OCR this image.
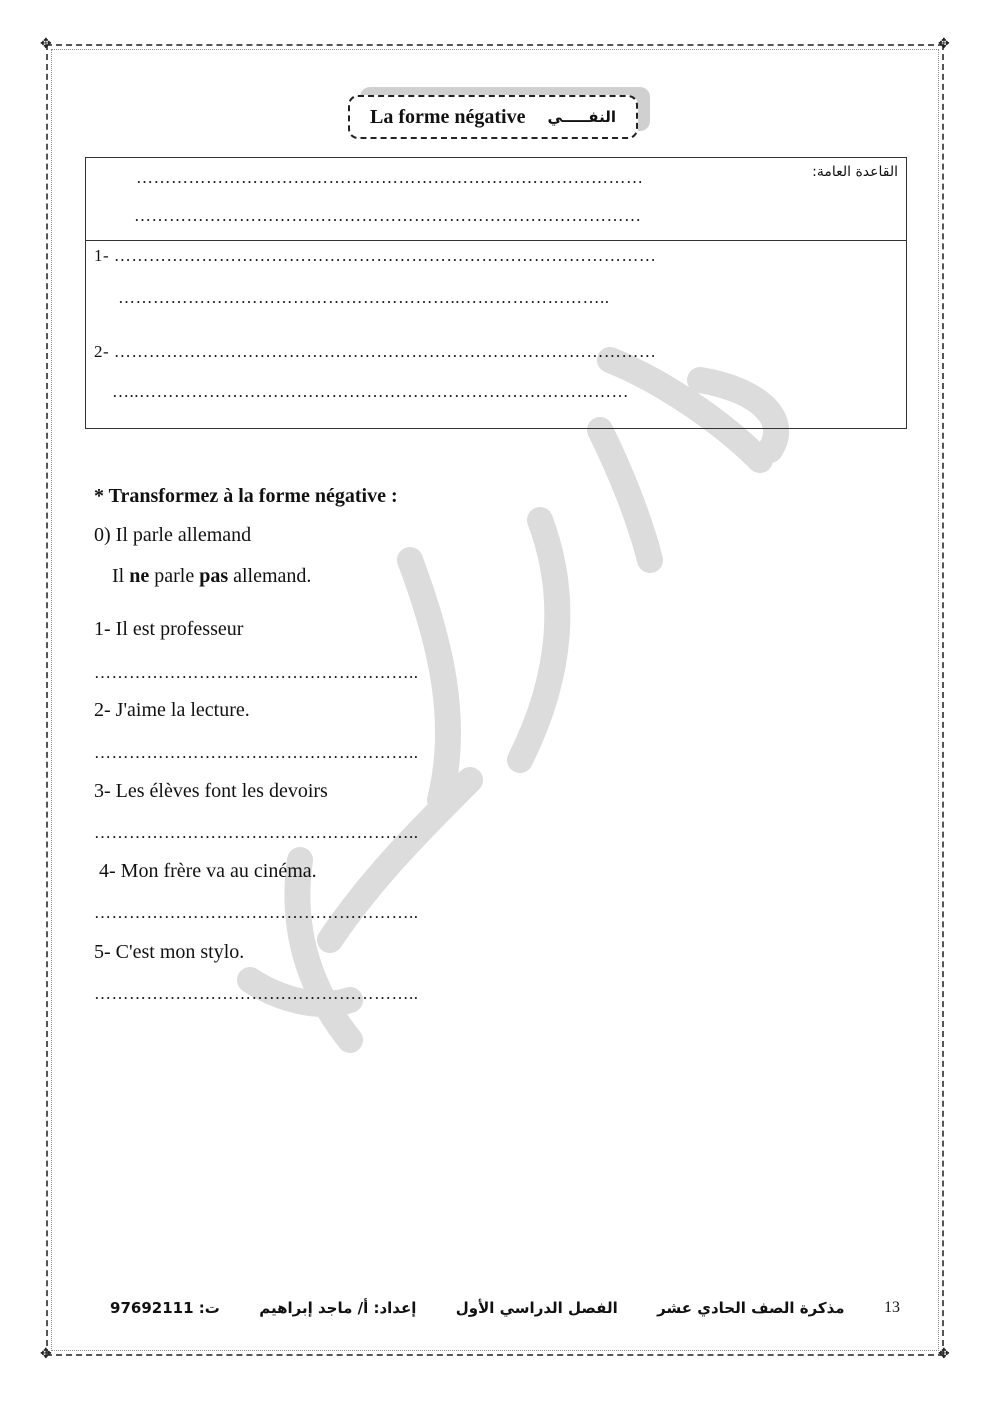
✥	✥
✥	✥
La forme négative النفـــــي
القاعدة العامة:
……………………………………………………………………………
……………………………………………………………………………
1- …………………………………………………………………………………
…………………………………………………..……………………..
2- …………………………………………………………………………………
…..…………………………………………………………………………
* Transformez à la forme négative :
0) Il parle allemand
Il ne parle pas allemand.
1- Il est professeur
………………………………………………..
2- J'aime la lecture.
………………………………………………..
3- Les élèves font les devoirs
………………………………………………..
4- Mon frère va au cinéma.
………………………………………………..
5- C'est mon stylo.
………………………………………………..
13
مذكرة الصف الحادي عشر
الفصل الدراسي الأول
إعداد: أ/ ماجد إبراهيم
ت: 97692111
